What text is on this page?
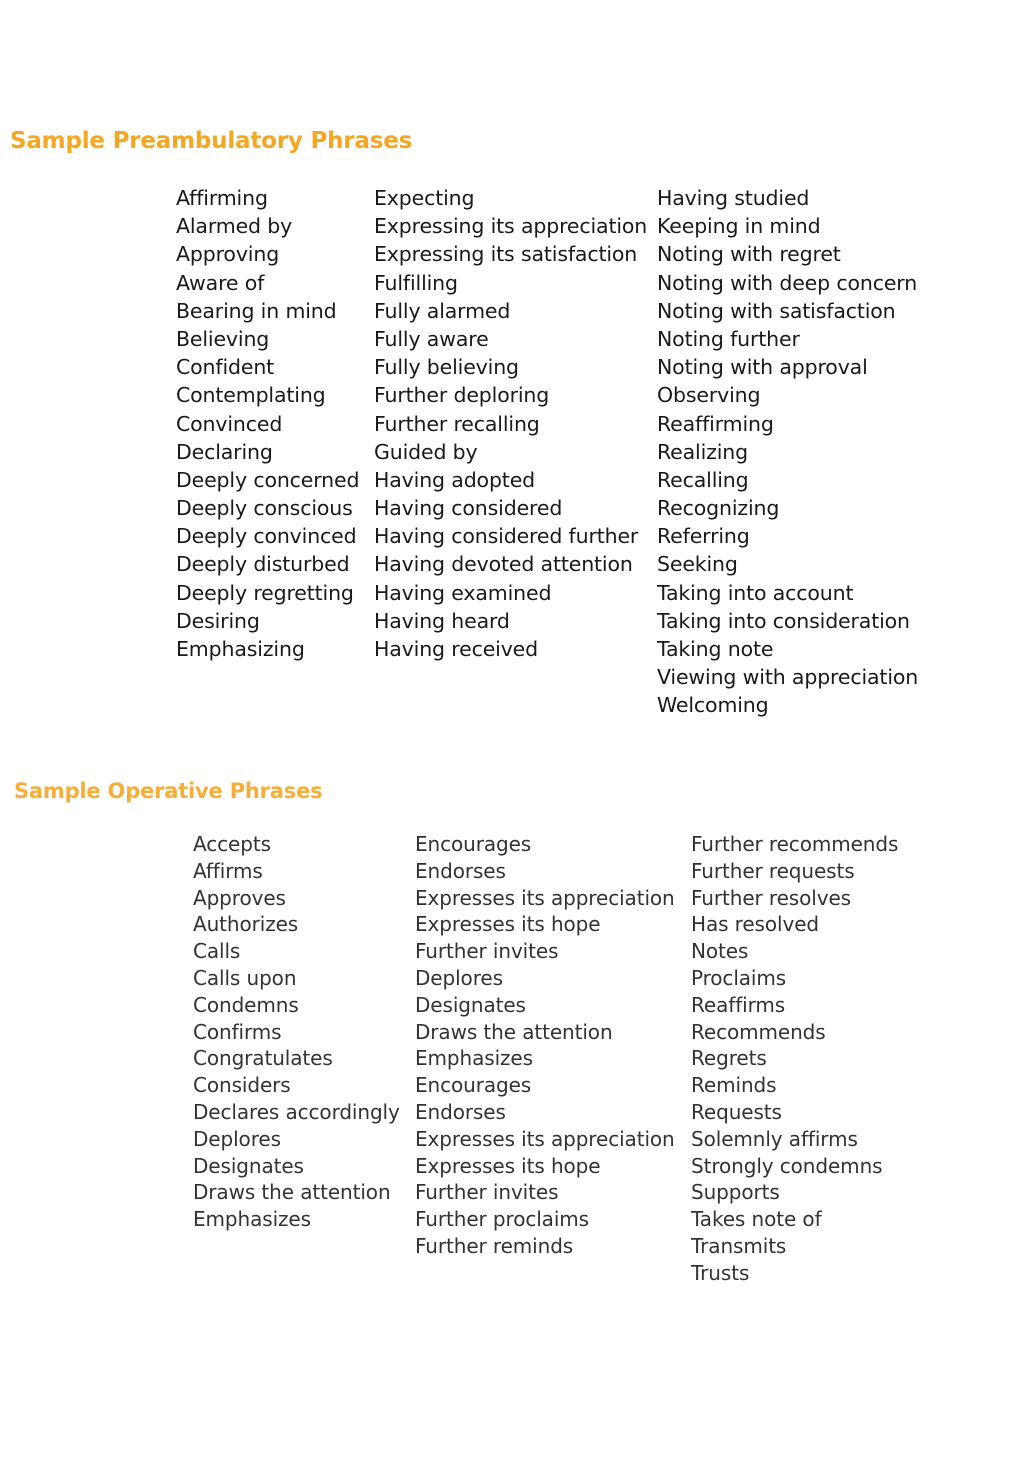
Sample Preambulatory Phrases
Affirming
Alarmed by
Approving
Aware of
Bearing in mind
Believing
Confident
Contemplating
Convinced
Declaring
Deeply concerned
Deeply conscious
Deeply convinced
Deeply disturbed
Deeply regretting
Desiring
Emphasizing
Expecting
Expressing its appreciation
Expressing its satisfaction
Fulfilling
Fully alarmed
Fully aware
Fully believing
Further deploring
Further recalling
Guided by
Having adopted
Having considered
Having considered further
Having devoted attention
Having examined
Having heard
Having received
Having studied
Keeping in mind
Noting with regret
Noting with deep concern
Noting with satisfaction
Noting further
Noting with approval
Observing
Reaffirming
Realizing
Recalling
Recognizing
Referring
Seeking
Taking into account
Taking into consideration
Taking note
Viewing with appreciation
Welcoming
Sample Operative Phrases
Accepts
Affirms
Approves
Authorizes
Calls
Calls upon
Condemns
Confirms
Congratulates
Considers
Declares accordingly
Deplores
Designates
Draws the attention
Emphasizes
Encourages
Endorses
Expresses its appreciation
Expresses its hope
Further invites
Deplores
Designates
Draws the attention
Emphasizes
Encourages
Endorses
Expresses its appreciation
Expresses its hope
Further invites
Further proclaims
Further reminds
Further recommends
Further requests
Further resolves
Has resolved
Notes
Proclaims
Reaffirms
Recommends
Regrets
Reminds
Requests
Solemnly affirms
Strongly condemns
Supports
Takes note of
Transmits
Trusts
